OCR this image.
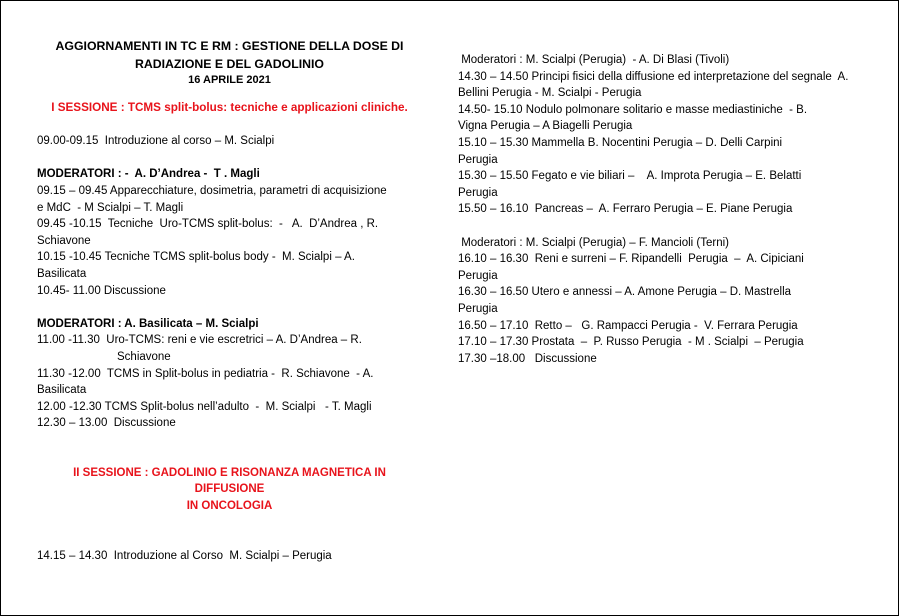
AGGIORNAMENTI IN TC E RM : GESTIONE DELLA DOSE DI
RADIAZIONE E DEL GADOLINIO
16 APRILE 2021
I SESSIONE : TCMS split-bolus: tecniche e applicazioni cliniche.
09.00-09.15  Introduzione al corso – M. Scialpi
MODERATORI : -  A. D’Andrea -  T . Magli
09.15 – 09.45 Apparecchiature, dosimetria, parametri di acquisizione
e MdC  - M Scialpi – T. Magli
09.45 -10.15  Tecniche  Uro-TCMS split-bolus:  -   A.  D’Andrea , R.
Schiavone
10.15 -10.45 Tecniche TCMS split-bolus body -  M. Scialpi – A.
Basilicata
10.45- 11.00 Discussione
MODERATORI : A. Basilicata – M. Scialpi
11.00 -11.30  Uro-TCMS: reni e vie escretrici – A. D’Andrea – R.
Schiavone
11.30 -12.00  TCMS in Split-bolus in pediatria -  R. Schiavone  - A.
Basilicata
12.00 -12.30 TCMS Split-bolus nell’adulto  -  M. Scialpi   - T. Magli
12.30 – 13.00  Discussione
II SESSIONE : GADOLINIO E RISONANZA MAGNETICA IN DIFFUSIONE
IN ONCOLOGIA
14.15 – 14.30  Introduzione al Corso  M. Scialpi – Perugia
Moderatori : M. Scialpi (Perugia)  - A. Di Blasi (Tivoli)
14.30 – 14.50 Principi fisici della diffusione ed interpretazione del segnale  A.
Bellini Perugia - M. Scialpi - Perugia
14.50- 15.10 Nodulo polmonare solitario e masse mediastiniche  - B.
Vigna Perugia – A Biagelli Perugia
15.10 – 15.30 Mammella B. Nocentini Perugia – D. Delli Carpini
Perugia
15.30 – 15.50 Fegato e vie biliari –    A. Improta Perugia – E. Belatti
Perugia
15.50 – 16.10  Pancreas –  A. Ferraro Perugia – E. Piane Perugia
Moderatori : M. Scialpi (Perugia) – F. Mancioli (Terni)
16.10 – 16.30  Reni e surreni – F. Ripandelli  Perugia  –  A. Cipiciani
Perugia
16.30 – 16.50 Utero e annessi – A. Amone Perugia – D. Mastrella
Perugia
16.50 – 17.10  Retto –   G. Rampacci Perugia -  V. Ferrara Perugia
17.10 – 17.30 Prostata  –  P. Russo Perugia  - M . Scialpi  – Perugia
17.30 –18.00   Discussione
